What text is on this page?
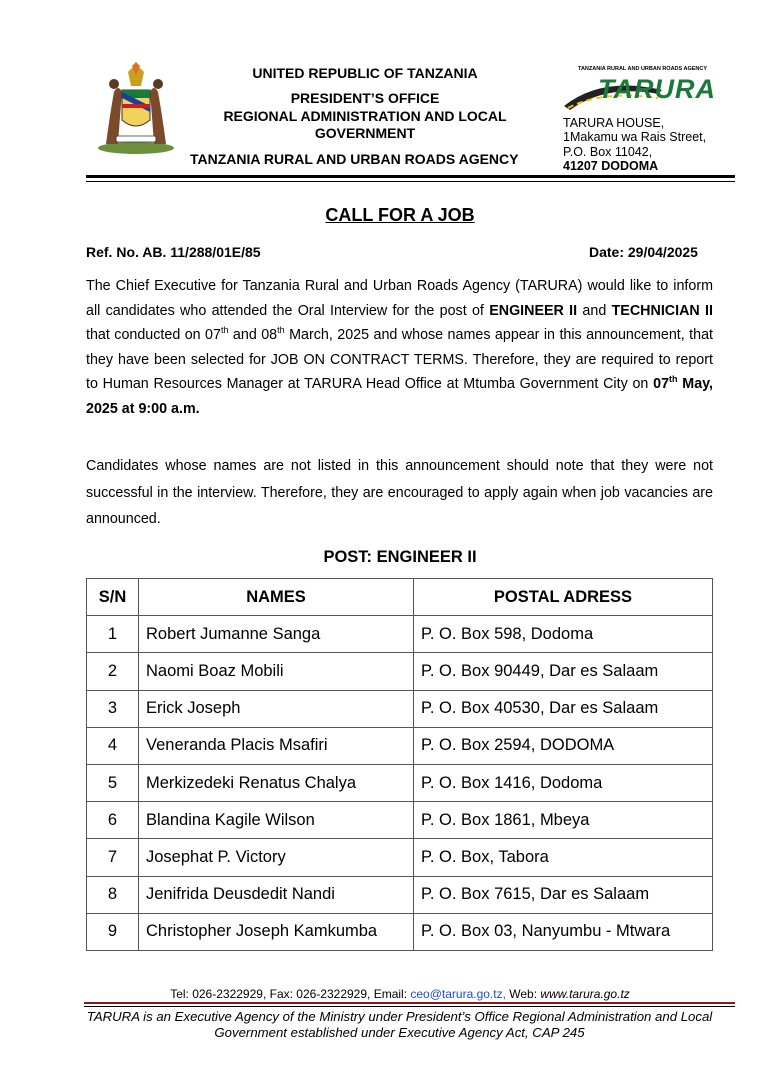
UNITED REPUBLIC OF TANZANIA
PRESIDENT’S OFFICE
REGIONAL ADMINISTRATION AND LOCAL
GOVERNMENT
TANZANIA RURAL AND URBAN ROADS AGENCY
TANZANIA RURAL AND URBAN ROADS AGENCY
TARURA
TARURA HOUSE,
1Makamu wa Rais Street,
P.O. Box 11042,
41207 DODOMA
CALL FOR A JOB
Ref. No. AB. 11/288/01E/85	Date: 29/04/2025
The Chief Executive for Tanzania Rural and Urban Roads Agency (TARURA) would like to inform all candidates who attended the Oral Interview for the post of ENGINEER II and TECHNICIAN II that conducted on 07th and 08th March, 2025 and whose names appear in this announcement, that they have been selected for JOB ON CONTRACT TERMS. Therefore, they are required to report to Human Resources Manager at TARURA Head Office at Mtumba Government City on 07th May, 2025 at 9:00 a.m.
Candidates whose names are not listed in this announcement should note that they were not successful in the interview. Therefore, they are encouraged to apply again when job vacancies are announced.
POST: ENGINEER II
S/N	NAMES	POSTAL ADRESS
1	Robert Jumanne Sanga	P. O. Box 598, Dodoma
2	Naomi Boaz Mobili	P. O. Box 90449, Dar es Salaam
3	Erick Joseph	P. O. Box 40530, Dar es Salaam
4	Veneranda Placis Msafiri	P. O. Box 2594, DODOMA
5	Merkizedeki Renatus Chalya	P. O. Box 1416, Dodoma
6	Blandina Kagile Wilson	P. O. Box 1861, Mbeya
7	Josephat P. Victory	P. O. Box, Tabora
8	Jenifrida Deusdedit Nandi	P. O. Box 7615, Dar es Salaam
9	Christopher Joseph Kamkumba	P. O. Box 03, Nanyumbu - Mtwara
Tel: 026-2322929, Fax: 026-2322929, Email: ceo@tarura.go.tz, Web: www.tarura.go.tz
TARURA is an Executive Agency of the Ministry under President’s Office Regional Administration and Local Government established under Executive Agency Act, CAP 245
